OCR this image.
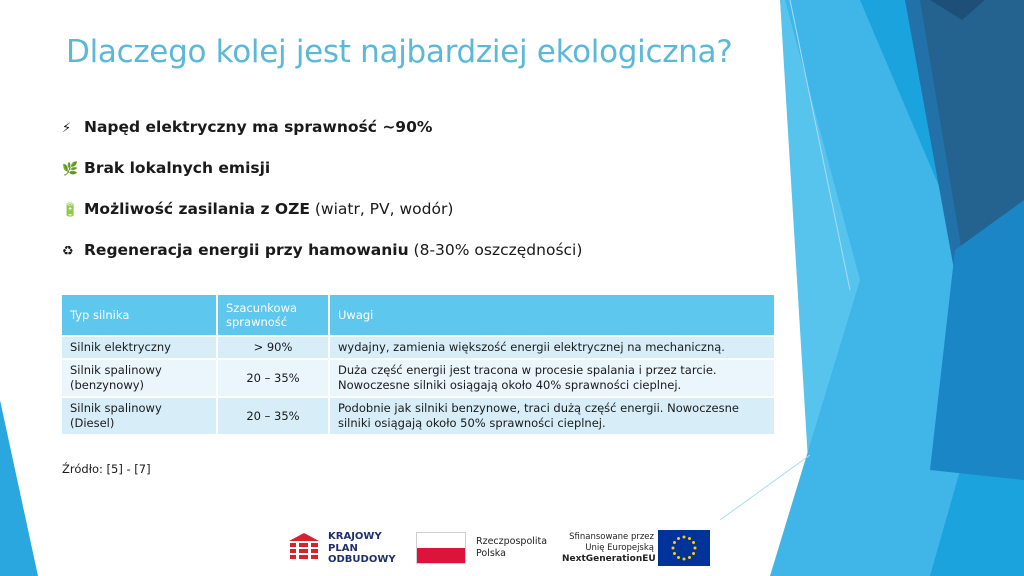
Dlaczego kolej jest najbardziej ekologiczna?
⚡ Napęd elektryczny ma sprawność ~90%
🌿 Brak lokalnych emisji
🔋 Możliwość zasilania z OZE (wiatr, PV, wodór)
♻ Regeneracja energii przy hamowaniu (8-30% oszczędności)
Typ silnika	Szacunkowa sprawność	Uwagi
Silnik elektryczny	> 90%	wydajny, zamienia większość energii elektrycznej na mechaniczną.
Silnik spalinowy (benzynowy)	20 – 35%	Duża część energii jest tracona w procesie spalania i przez tarcie. Nowoczesne silniki osiągają około 40% sprawności cieplnej.
Silnik spalinowy (Diesel)	20 – 35%	Podobnie jak silniki benzynowe, traci dużą część energii. Nowoczesne silniki osiągają około 50% sprawności cieplnej.
Źródło: [5] - [7]
KRAJOWY
PLAN
ODBUDOWY
Rzeczpospolita
Polska
Sfinansowane przez
Unię Europejską
NextGenerationEU
